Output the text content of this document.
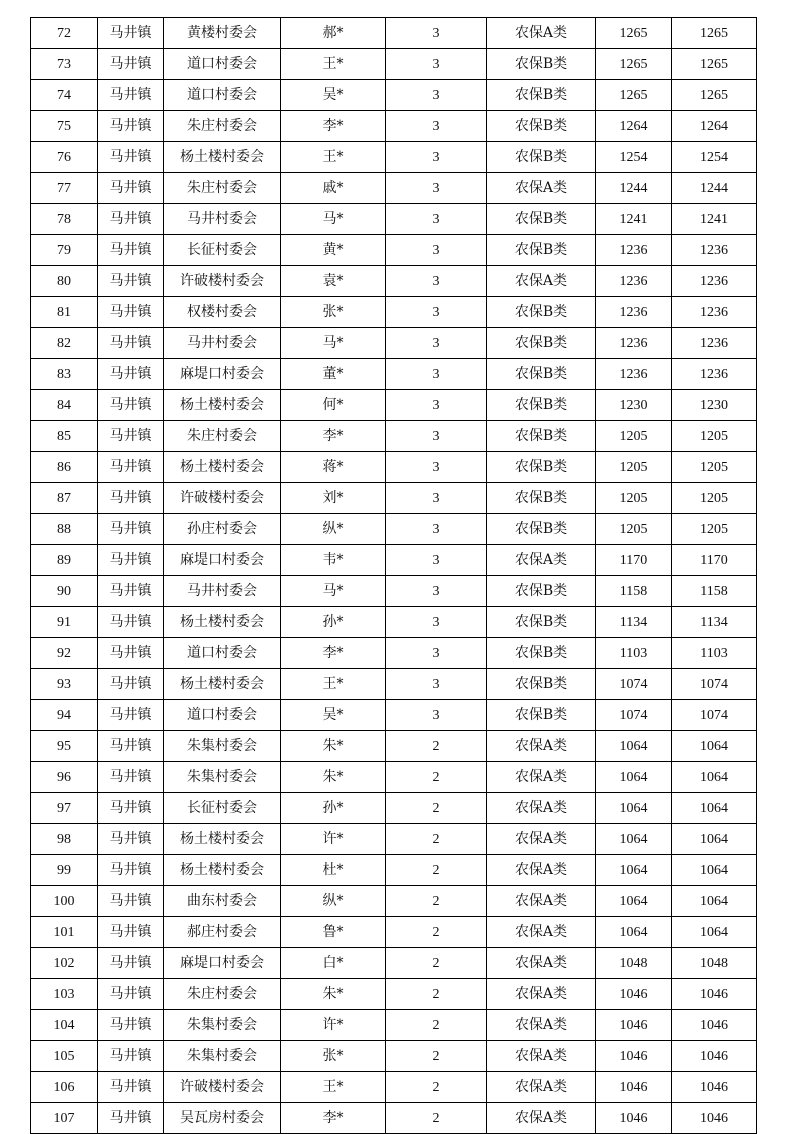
72	马井镇	黄楼村委会	郝*	3	农保A类	1265	1265
73	马井镇	道口村委会	王*	3	农保B类	1265	1265
74	马井镇	道口村委会	吴*	3	农保B类	1265	1265
75	马井镇	朱庄村委会	李*	3	农保B类	1264	1264
76	马井镇	杨土楼村委会	王*	3	农保B类	1254	1254
77	马井镇	朱庄村委会	戚*	3	农保A类	1244	1244
78	马井镇	马井村委会	马*	3	农保B类	1241	1241
79	马井镇	长征村委会	黄*	3	农保B类	1236	1236
80	马井镇	许破楼村委会	袁*	3	农保A类	1236	1236
81	马井镇	权楼村委会	张*	3	农保B类	1236	1236
82	马井镇	马井村委会	马*	3	农保B类	1236	1236
83	马井镇	麻堤口村委会	董*	3	农保B类	1236	1236
84	马井镇	杨土楼村委会	何*	3	农保B类	1230	1230
85	马井镇	朱庄村委会	李*	3	农保B类	1205	1205
86	马井镇	杨土楼村委会	蒋*	3	农保B类	1205	1205
87	马井镇	许破楼村委会	刘*	3	农保B类	1205	1205
88	马井镇	孙庄村委会	纵*	3	农保B类	1205	1205
89	马井镇	麻堤口村委会	韦*	3	农保A类	1170	1170
90	马井镇	马井村委会	马*	3	农保B类	1158	1158
91	马井镇	杨土楼村委会	孙*	3	农保B类	1134	1134
92	马井镇	道口村委会	李*	3	农保B类	1103	1103
93	马井镇	杨土楼村委会	王*	3	农保B类	1074	1074
94	马井镇	道口村委会	吴*	3	农保B类	1074	1074
95	马井镇	朱集村委会	朱*	2	农保A类	1064	1064
96	马井镇	朱集村委会	朱*	2	农保A类	1064	1064
97	马井镇	长征村委会	孙*	2	农保A类	1064	1064
98	马井镇	杨土楼村委会	许*	2	农保A类	1064	1064
99	马井镇	杨土楼村委会	杜*	2	农保A类	1064	1064
100	马井镇	曲东村委会	纵*	2	农保A类	1064	1064
101	马井镇	郝庄村委会	鲁*	2	农保A类	1064	1064
102	马井镇	麻堤口村委会	白*	2	农保A类	1048	1048
103	马井镇	朱庄村委会	朱*	2	农保A类	1046	1046
104	马井镇	朱集村委会	许*	2	农保A类	1046	1046
105	马井镇	朱集村委会	张*	2	农保A类	1046	1046
106	马井镇	许破楼村委会	王*	2	农保A类	1046	1046
107	马井镇	吴瓦房村委会	李*	2	农保A类	1046	1046
